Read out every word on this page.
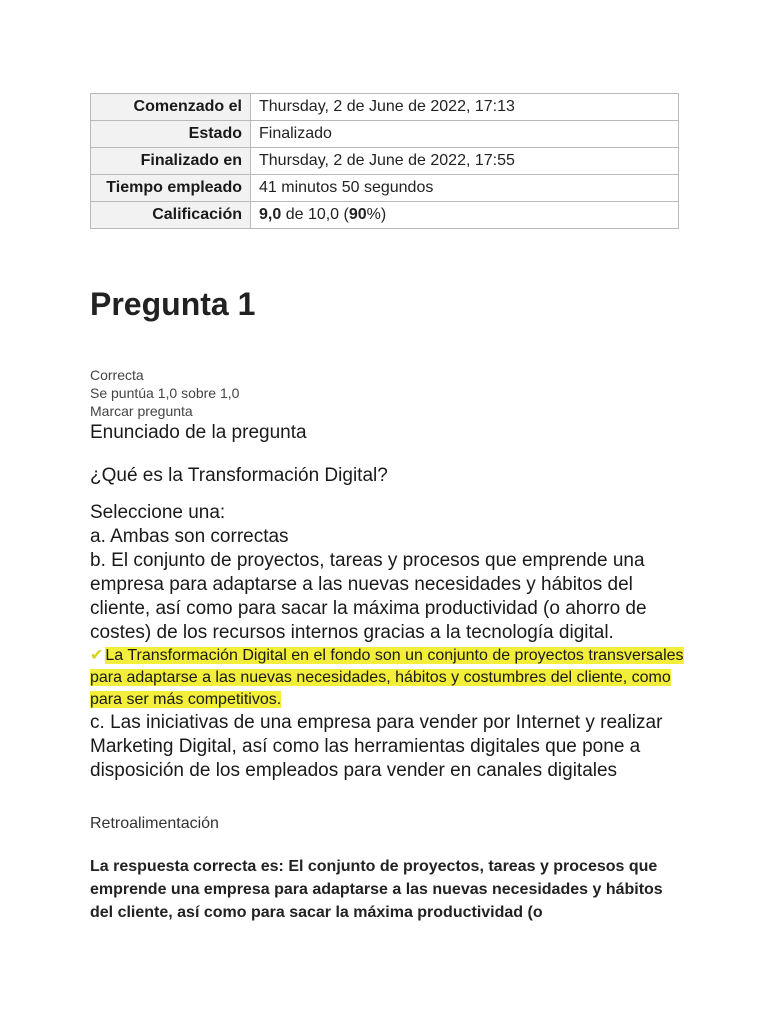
Comenzado el	Thursday, 2 de June de 2022, 17:13
Estado	Finalizado
Finalizado en	Thursday, 2 de June de 2022, 17:55
Tiempo empleado	41 minutos 50 segundos
Calificación	9,0 de 10,0 (90%)
Pregunta 1
Correcta
Se puntúa 1,0 sobre 1,0
Marcar pregunta
Enunciado de la pregunta
¿Qué es la Transformación Digital?
Seleccione una:
a. Ambas son correctas
b. El conjunto de proyectos, tareas y procesos que emprende una empresa para adaptarse a las nuevas necesidades y hábitos del cliente, así como para sacar la máxima productividad (o ahorro de costes) de los recursos internos gracias a la tecnología digital.
✔ La Transformación Digital en el fondo son un conjunto de proyectos transversales para adaptarse a las nuevas necesidades, hábitos y costumbres del cliente, como para ser más competitivos.
c. Las iniciativas de una empresa para vender por Internet y realizar Marketing Digital, así como las herramientas digitales que pone a disposición de los empleados para vender en canales digitales
Retroalimentación
La respuesta correcta es: El conjunto de proyectos, tareas y procesos que emprende una empresa para adaptarse a las nuevas necesidades y hábitos del cliente, así como para sacar la máxima productividad (o
